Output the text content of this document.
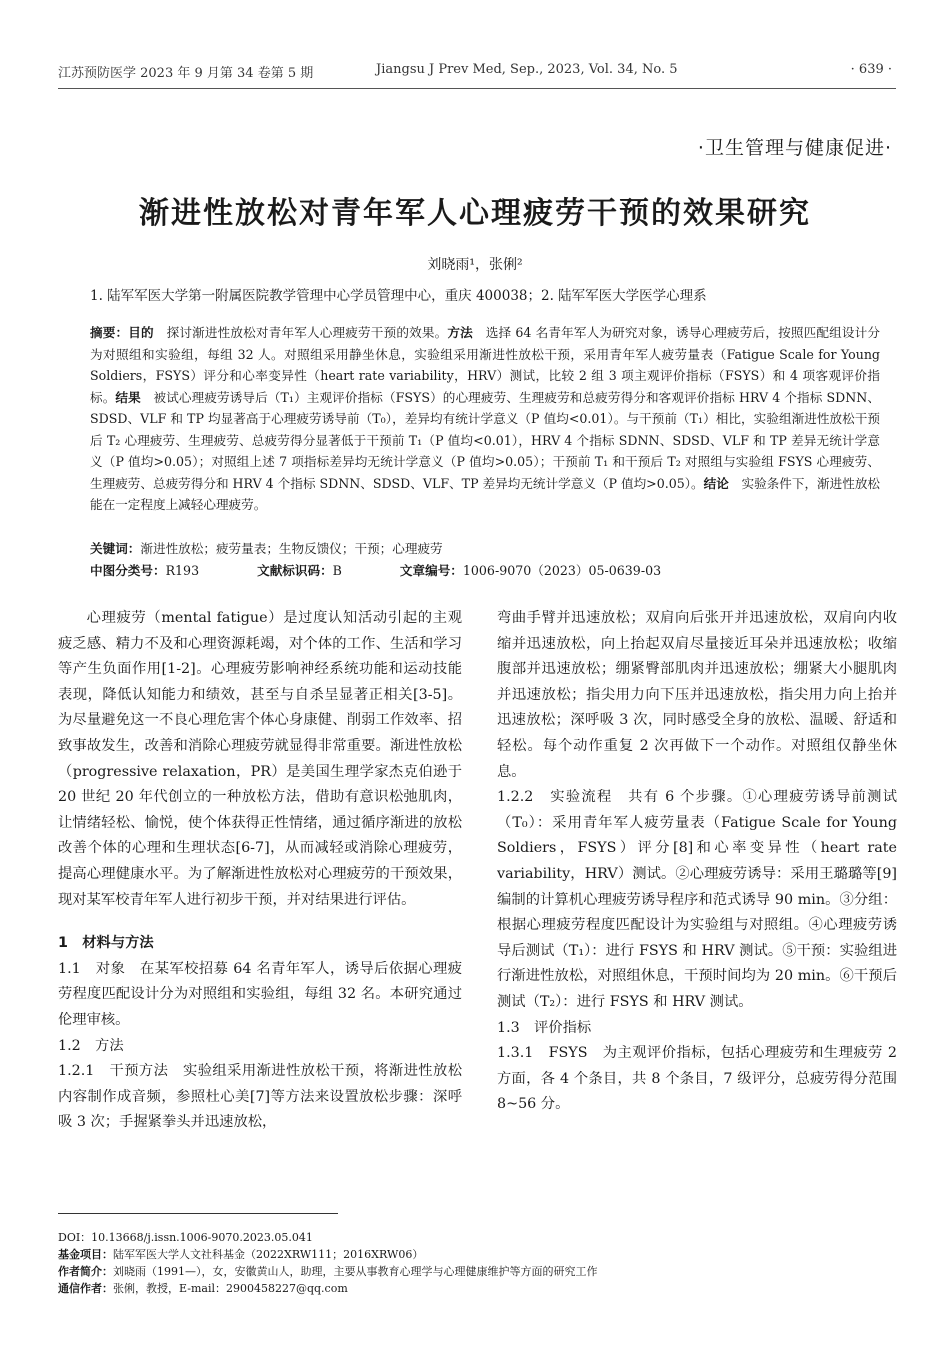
江苏预防医学 2023 年 9 月第 34 卷第 5 期	Jiangsu J Prev Med, Sep., 2023, Vol. 34, No. 5	· 639 ·
·卫生管理与健康促进·
渐进性放松对青年军人心理疲劳干预的效果研究
刘晓雨¹，张俐²
1. 陆军军医大学第一附属医院教学管理中心学员管理中心，重庆 400038；2. 陆军军医大学医学心理系
摘要：目的　 探讨渐进性放松对青年军人心理疲劳干预的效果。方法　 选择 64 名青年军人为研究对象，诱导心理疲劳后，按照匹配组设计分为对照组和实验组，每组 32 人。对照组采用静坐休息，实验组采用渐进性放松干预，采用青年军人疲劳量表（Fatigue Scale for Young Soldiers，FSYS）评分和心率变异性（heart rate variability，HRV）测试，比较 2 组 3 项主观评价指标（FSYS）和 4 项客观评价指标。结果　 被试心理疲劳诱导后（T₁）主观评价指标（FSYS）的心理疲劳、生理疲劳和总疲劳得分和客观评价指标 HRV 4 个指标 SDNN、SDSD、VLF 和 TP 均显著高于心理疲劳诱导前（T₀），差异均有统计学意义（P 值均<0.01）。与干预前（T₁）相比，实验组渐进性放松干预后 T₂ 心理疲劳、生理疲劳、总疲劳得分显著低于干预前 T₁（P 值均<0.01），HRV 4 个指标 SDNN、SDSD、VLF 和 TP 差异无统计学意义（P 值均>0.05）；对照组上述 7 项指标差异均无统计学意义（P 值均>0.05）；干预前 T₁ 和干预后 T₂ 对照组与实验组 FSYS 心理疲劳、生理疲劳、总疲劳得分和 HRV 4 个指标 SDNN、SDSD、VLF、TP 差异均无统计学意义（P 值均>0.05）。结论　 实验条件下，渐进性放松能在一定程度上减轻心理疲劳。
关键词：渐进性放松；疲劳量表；生物反馈仪；干预；心理疲劳
中图分类号：R193	文献标识码：B	文章编号：1006-9070（2023）05-0639-03

心理疲劳（mental fatigue）是过度认知活动引起的主观疲乏感、精力不及和心理资源耗竭，对个体的工作、生活和学习等产生负面作用[1-2]。心理疲劳影响神经系统功能和运动技能表现，降低认知能力和绩效，甚至与自杀呈显著正相关[3-5]。为尽量避免这一不良心理危害个体心身康健、削弱工作效率、招致事故发生，改善和消除心理疲劳就显得非常重要。渐进性放松（progressive relaxation，PR）是美国生理学家杰克伯逊于 20 世纪 20 年代创立的一种放松方法，借助有意识松弛肌肉，让情绪轻松、愉悦，使个体获得正性情绪，通过循序渐进的放松改善个体的心理和生理状态[6-7]，从而减轻或消除心理疲劳，提高心理健康水平。为了解渐进性放松对心理疲劳的干预效果，现对某军校青年军人进行初步干预，并对结果进行评估。

1　材料与方法

1.1　对象　在某军校招募 64 名青年军人，诱导后依据心理疲劳程度匹配设计分为对照组和实验组，每组 32 名。本研究通过伦理审核。

1.2　方法

1.2.1　干预方法　实验组采用渐进性放松干预，将渐进性放松内容制作成音频，参照杜心美[7]等方法来设置放松步骤：深呼吸 3 次；手握紧拳头并迅速放松，

弯曲手臂并迅速放松；双肩向后张开并迅速放松，双肩向内收缩并迅速放松，向上抬起双肩尽量接近耳朵并迅速放松；收缩腹部并迅速放松；绷紧臀部肌肉并迅速放松；绷紧大小腿肌肉并迅速放松；指尖用力向下压并迅速放松，指尖用力向上抬并迅速放松；深呼吸 3 次，同时感受全身的放松、温暖、舒适和轻松。每个动作重复 2 次再做下一个动作。对照组仅静坐休息。

1.2.2　实验流程　共有 6 个步骤。①心理疲劳诱导前测试（T₀）：采用青年军人疲劳量表（Fatigue Scale for Young Soldiers，FSYS）评分[8]和心率变异性（heart rate variability，HRV）测试。②心理疲劳诱导：采用王璐璐等[9]编制的计算机心理疲劳诱导程序和范式诱导 90 min。③分组：根据心理疲劳程度匹配设计为实验组与对照组。④心理疲劳诱导后测试（T₁）：进行 FSYS 和 HRV 测试。⑤干预：实验组进行渐进性放松，对照组休息，干预时间均为 20 min。⑥干预后测试（T₂）：进行 FSYS 和 HRV 测试。

1.3　评价指标

1.3.1　FSYS　为主观评价指标，包括心理疲劳和生理疲劳 2 方面，各 4 个条目，共 8 个条目，7 级评分，总疲劳得分范围 8~56 分。

DOI：10.13668/j.issn.1006-9070.2023.05.041
基金项目：陆军军医大学人文社科基金（2022XRW111；2016XRW06）
作者简介：刘晓雨（1991—），女，安徽黄山人，助理，主要从事教育心理学与心理健康维护等方面的研究工作
通信作者：张俐，教授，E-mail：2900458227@qq.com
